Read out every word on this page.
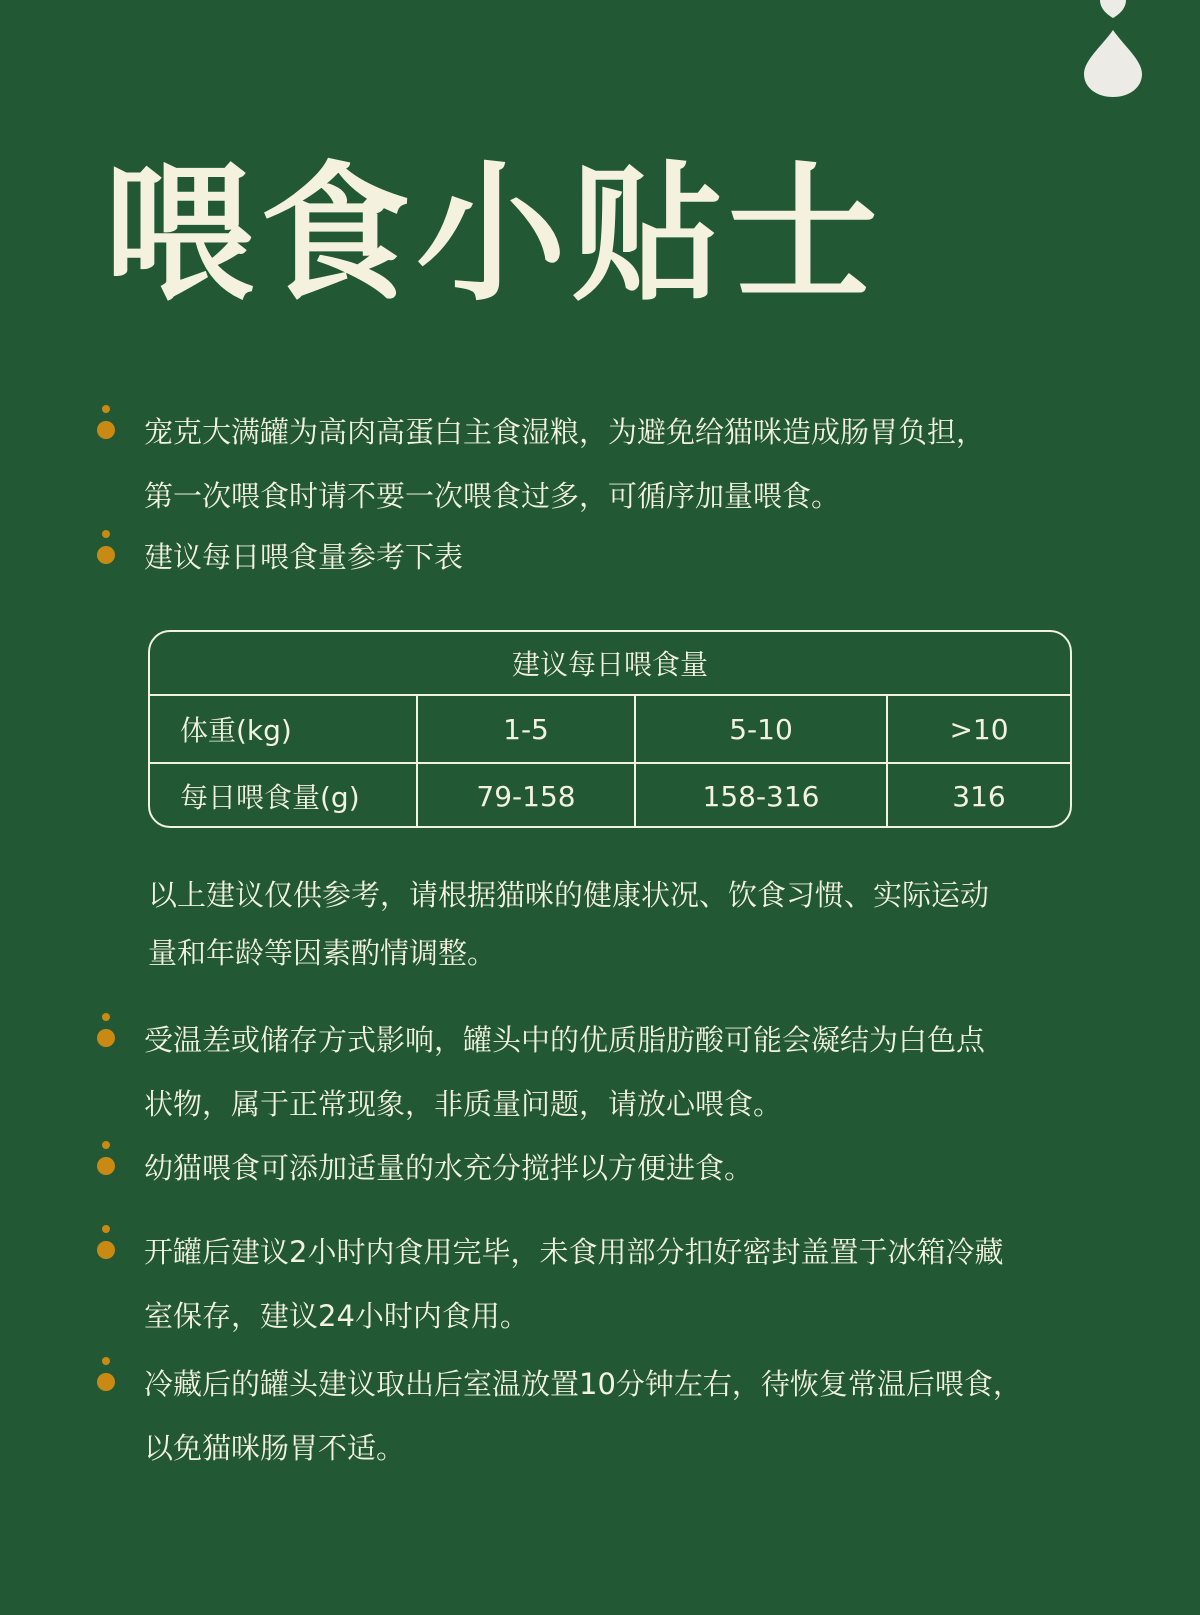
喂食小贴士
宠克大满罐为高肉高蛋白主食湿粮，为避免给猫咪造成肠胃负担，
第一次喂食时请不要一次喂食过多，可循序加量喂食。
建议每日喂食量参考下表
建议每日喂食量
体重(kg)	1-5	5-10	>10
每日喂食量(g)	79-158	158-316	316
以上建议仅供参考，请根据猫咪的健康状况、饮食习惯、实际运动
量和年龄等因素酌情调整。
受温差或储存方式影响，罐头中的优质脂肪酸可能会凝结为白色点
状物，属于正常现象，非质量问题，请放心喂食。
幼猫喂食可添加适量的水充分搅拌以方便进食。
开罐后建议2小时内食用完毕，未食用部分扣好密封盖置于冰箱冷藏
室保存，建议24小时内食用。
冷藏后的罐头建议取出后室温放置10分钟左右，待恢复常温后喂食，
以免猫咪肠胃不适。
